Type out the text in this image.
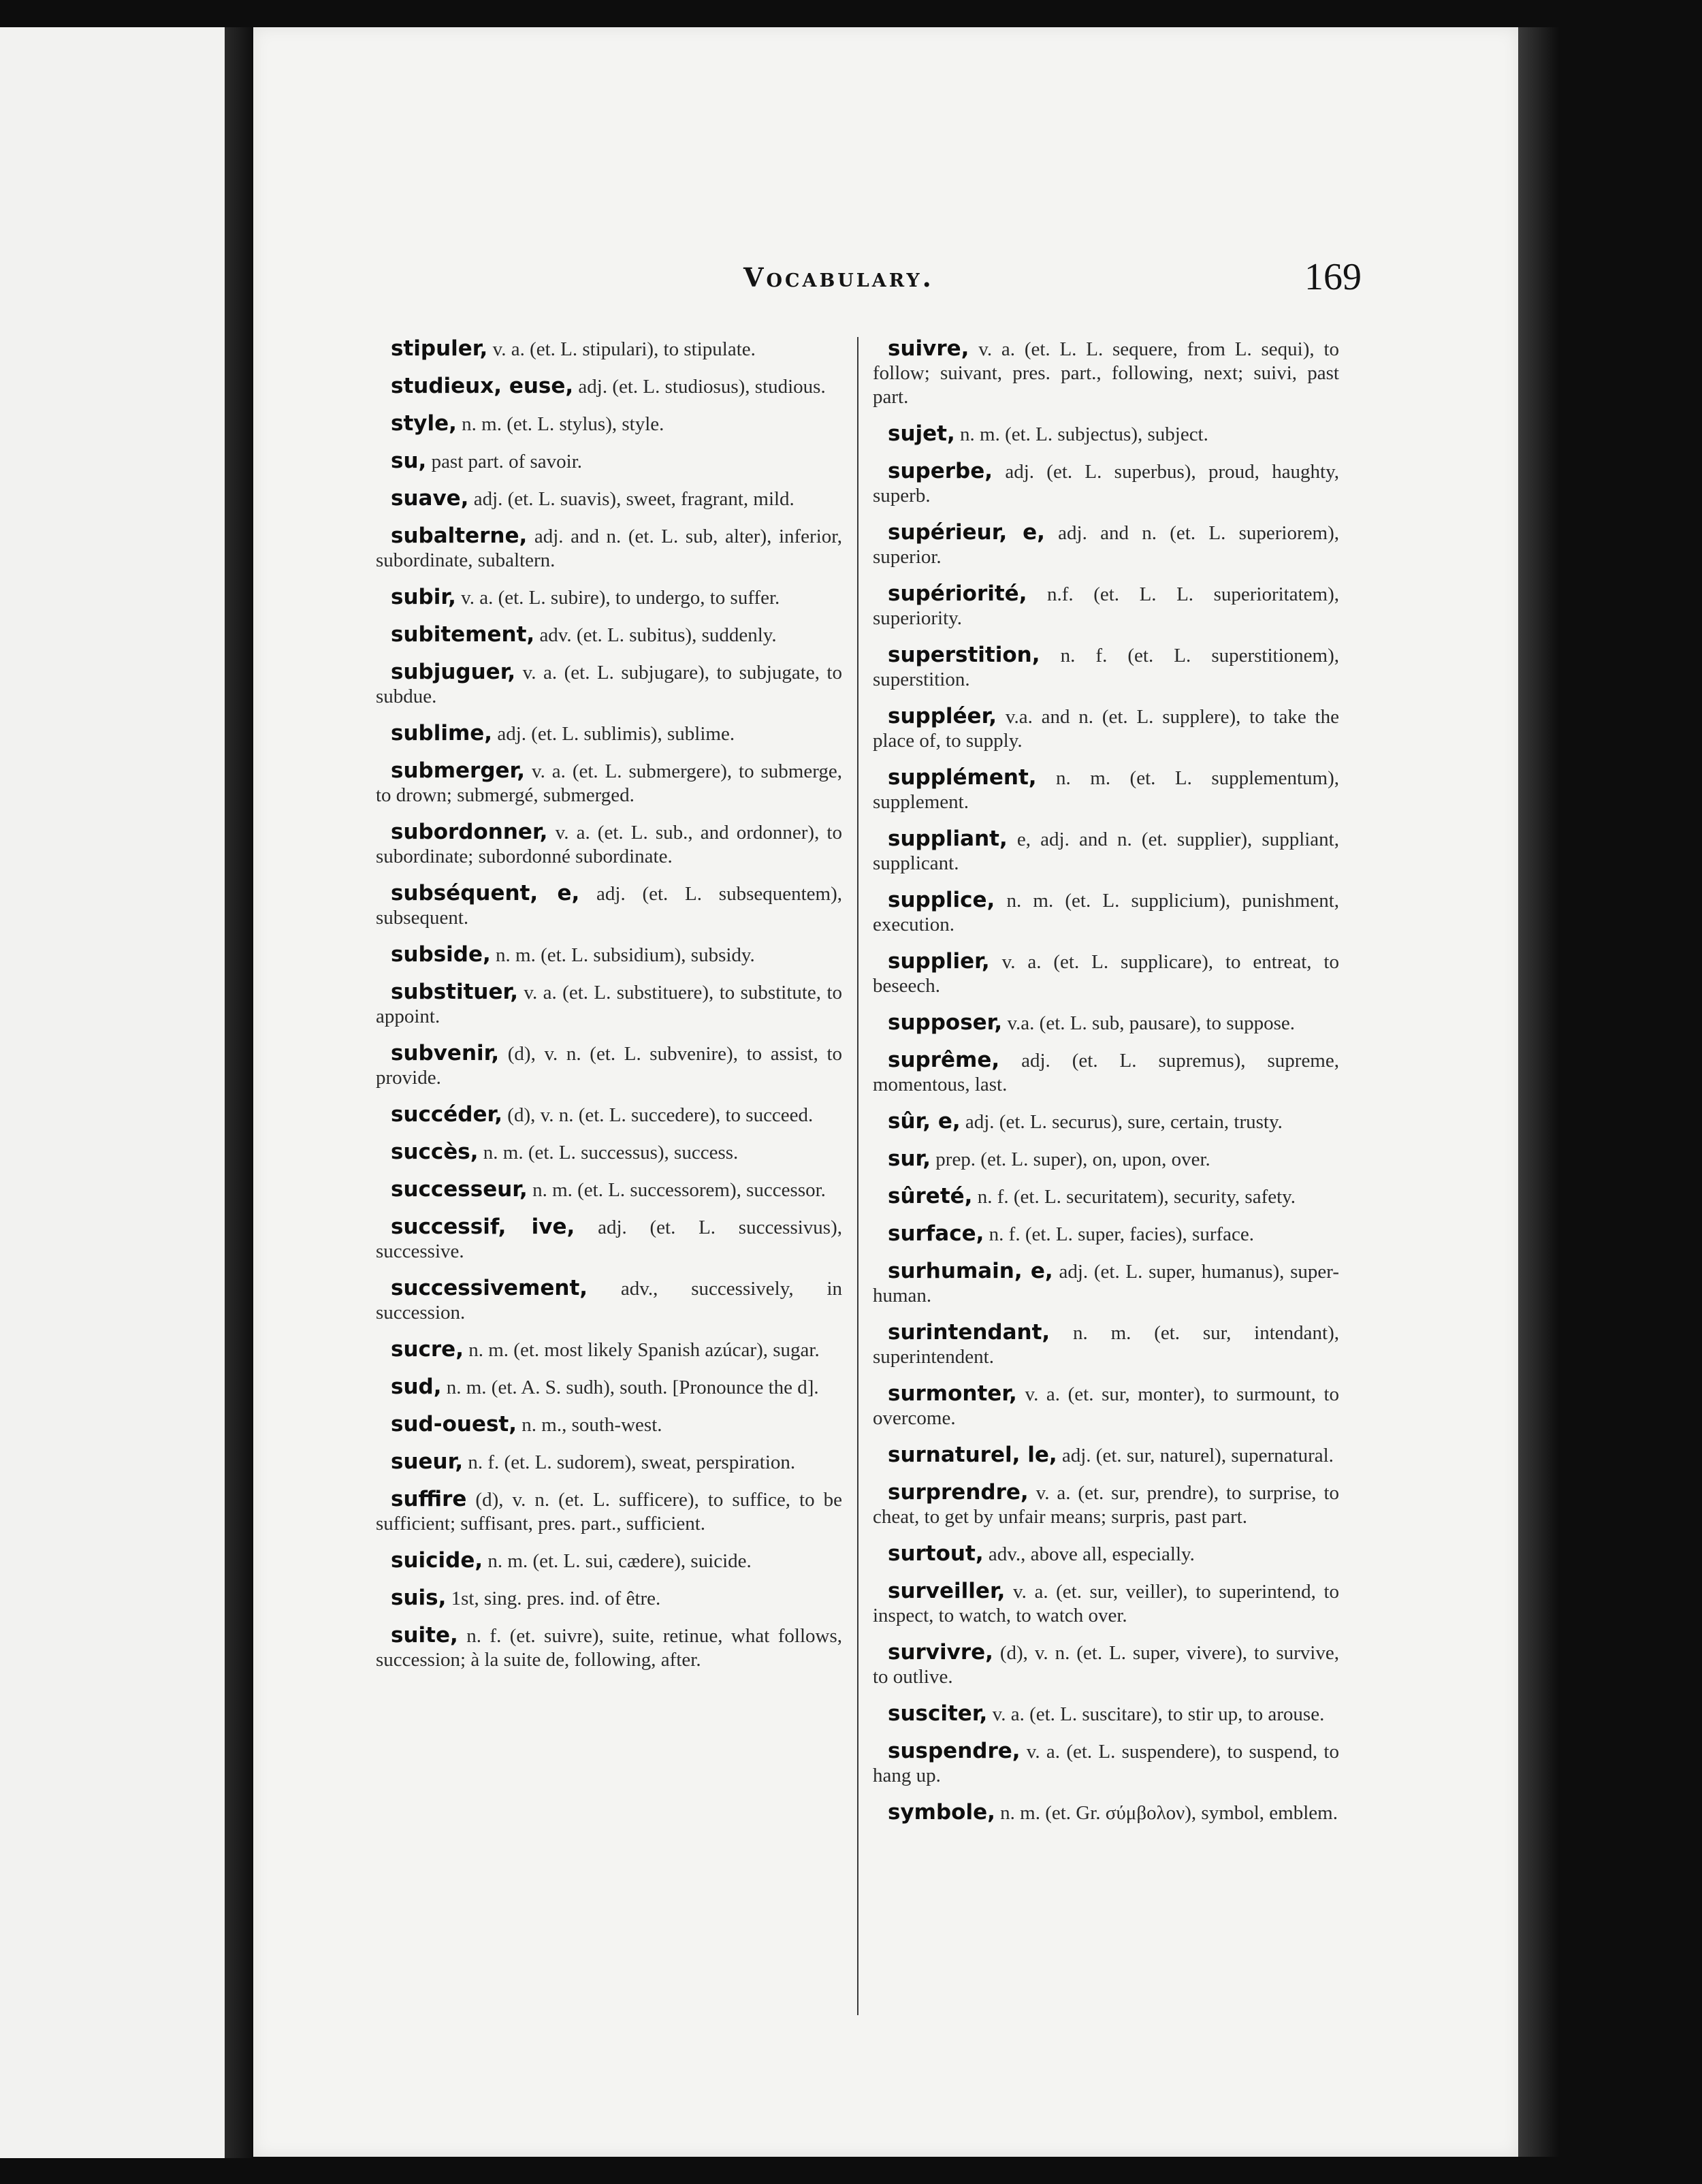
Vocabulary.	169

stipuler, v. a. (et. L. stipulari), to stipulate.

studieux, euse, adj. (et. L. studiosus), studious.

style, n. m. (et. L. stylus), style.

su, past part. of savoir.

suave, adj. (et. L. suavis), sweet, fragrant, mild.

subalterne, adj. and n. (et. L. sub, alter), inferior, subordinate, subaltern.

subir, v. a. (et. L. subire), to undergo, to suffer.

subitement, adv. (et. L. subitus), suddenly.

subjuguer, v. a. (et. L. subjugare), to subjugate, to subdue.

sublime, adj. (et. L. sublimis), sublime.

submerger, v. a. (et. L. submergere), to submerge, to drown; submergé, submerged.

subordonner, v. a. (et. L. sub., and ordonner), to subordinate; subordonné subordinate.

subséquent, e, adj. (et. L. subsequentem), subsequent.

subside, n. m. (et. L. subsidium), subsidy.

substituer, v. a. (et. L. substituere), to substitute, to appoint.

subvenir, (d), v. n. (et. L. subvenire), to assist, to provide.

succéder, (d), v. n. (et. L. succedere), to succeed.

succès, n. m. (et. L. successus), success.

successeur, n. m. (et. L. successorem), successor.

successif, ive, adj. (et. L. successivus), successive.

successivement, adv., successively, in succession.

sucre, n. m. (et. most likely Spanish azúcar), sugar.

sud, n. m. (et. A. S. sudh), south. [Pronounce the d].

sud-ouest, n. m., south-west.

sueur, n. f. (et. L. sudorem), sweat, perspiration.

suffire (d), v. n. (et. L. sufficere), to suffice, to be sufficient; suffisant, pres. part., sufficient.

suicide, n. m. (et. L. sui, cædere), suicide.

suis, 1st, sing. pres. ind. of être.

suite, n. f. (et. suivre), suite, retinue, what follows, succession; à la suite de, following, after.

suivre, v. a. (et. L. L. sequere, from L. sequi), to follow; suivant, pres. part., following, next; suivi, past part.

sujet, n. m. (et. L. subjectus), subject.

superbe, adj. (et. L. superbus), proud, haughty, superb.

supérieur, e, adj. and n. (et. L. superiorem), superior.

supériorité, n.f. (et. L. L. superioritatem), superiority.

superstition, n. f. (et. L. superstitionem), superstition.

suppléer, v.a. and n. (et. L. supplere), to take the place of, to supply.

supplément, n. m. (et. L. supplementum), supplement.

suppliant, e, adj. and n. (et. supplier), suppliant, supplicant.

supplice, n. m. (et. L. supplicium), punishment, execution.

supplier, v. a. (et. L. supplicare), to entreat, to beseech.

supposer, v.a. (et. L. sub, pausare), to suppose.

suprême, adj. (et. L. supremus), supreme, momentous, last.

sûr, e, adj. (et. L. securus), sure, certain, trusty.

sur, prep. (et. L. super), on, upon, over.

sûreté, n. f. (et. L. securitatem), security, safety.

surface, n. f. (et. L. super, facies), surface.

surhumain, e, adj. (et. L. super, humanus), super-human.

surintendant, n. m. (et. sur, intendant), superintendent.

surmonter, v. a. (et. sur, monter), to surmount, to overcome.

surnaturel, le, adj. (et. sur, naturel), supernatural.

surprendre, v. a. (et. sur, prendre), to surprise, to cheat, to get by unfair means; surpris, past part.

surtout, adv., above all, especially.

surveiller, v. a. (et. sur, veiller), to superintend, to inspect, to watch, to watch over.

survivre, (d), v. n. (et. L. super, vivere), to survive, to outlive.

susciter, v. a. (et. L. suscitare), to stir up, to arouse.

suspendre, v. a. (et. L. suspendere), to suspend, to hang up.

symbole, n. m. (et. Gr. σύμβολον), symbol, emblem.
